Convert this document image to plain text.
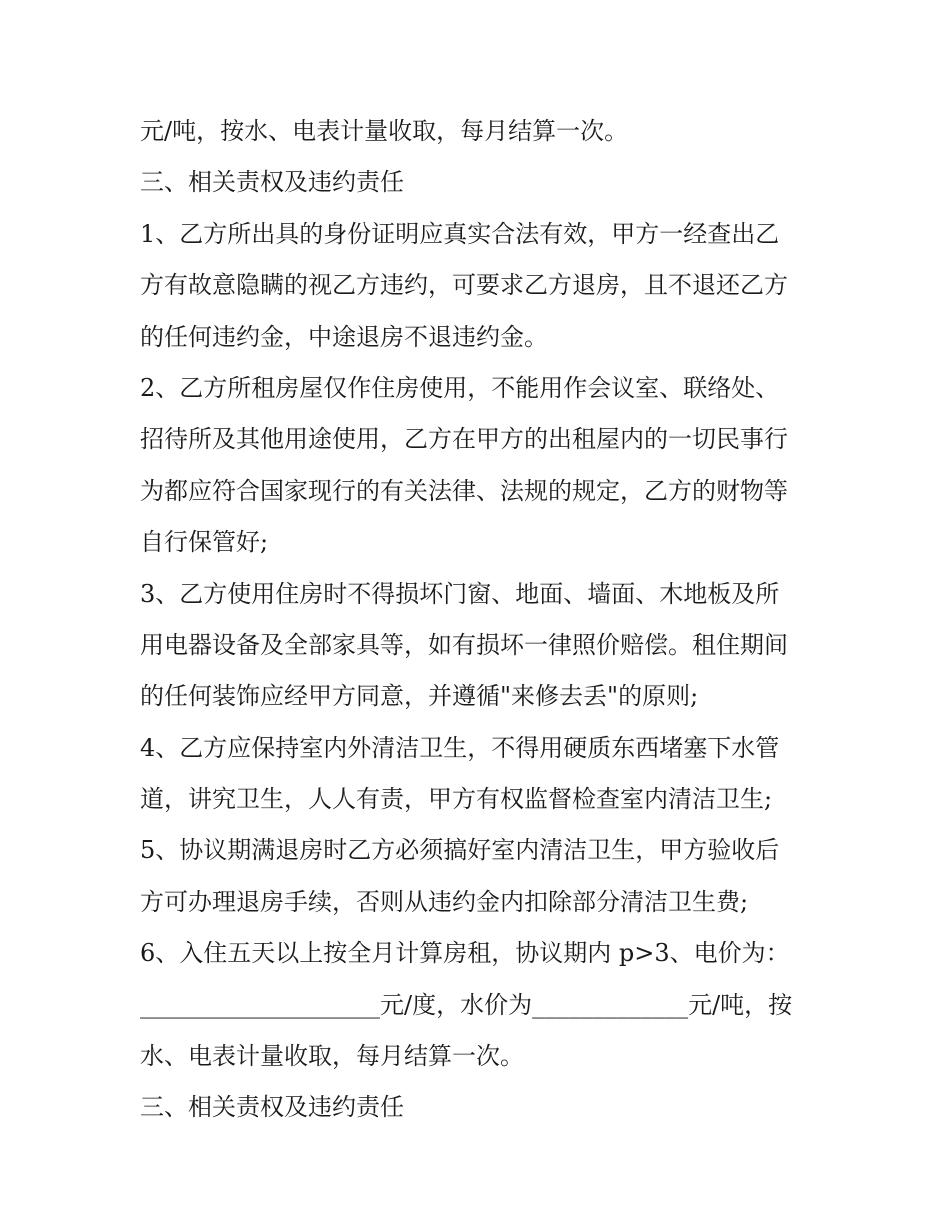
元/吨，按水、电表计量收取，每月结算一次。
三、相关责权及违约责任
1、乙方所出具的身份证明应真实合法有效，甲方一经查出乙
方有故意隐瞒的视乙方违约，可要求乙方退房，且不退还乙方
的任何违约金，中途退房不退违约金。
2、乙方所租房屋仅作住房使用，不能用作会议室、联络处、
招待所及其他用途使用，乙方在甲方的出租屋内的一切民事行
为都应符合国家现行的有关法律、法规的规定，乙方的财物等
自行保管好;
3、乙方使用住房时不得损坏门窗、地面、墙面、木地板及所
用电器设备及全部家具等，如有损坏一律照价赔偿。租住期间
的任何装饰应经甲方同意，并遵循"来修去丢"的原则;
4、乙方应保持室内外清洁卫生，不得用硬质东西堵塞下水管
道，讲究卫生，人人有责，甲方有权监督检查室内清洁卫生;
5、协议期满退房时乙方必须搞好室内清洁卫生，甲方验收后
方可办理退房手续，否则从违约金内扣除部分清洁卫生费;
6、入住五天以上按全月计算房租，协议期内 p>3、电价为：
____________________元/度，水价为_____________元/吨，按
水、电表计量收取，每月结算一次。
三、相关责权及违约责任
